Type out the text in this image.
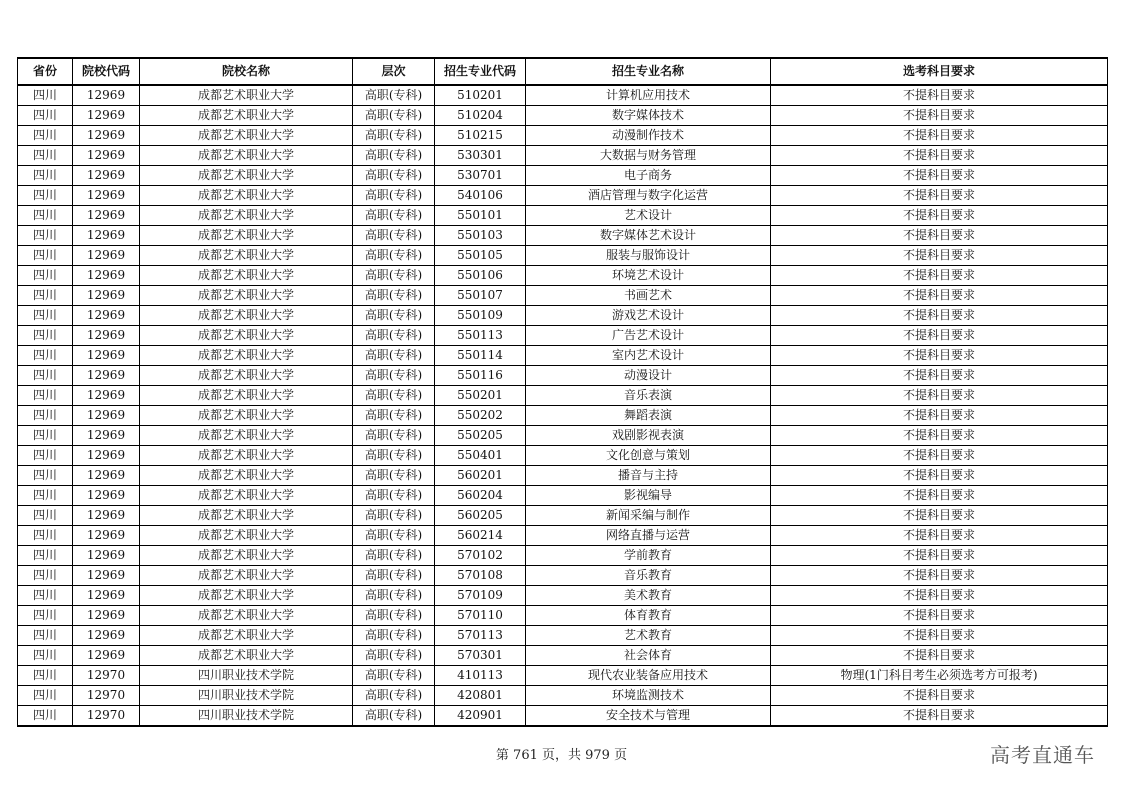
省份	院校代码	院校名称	层次	招生专业代码	招生专业名称	选考科目要求
四川	12969	成都艺术职业大学	高职(专科)	510201	计算机应用技术	不提科目要求
四川	12969	成都艺术职业大学	高职(专科)	510204	数字媒体技术	不提科目要求
四川	12969	成都艺术职业大学	高职(专科)	510215	动漫制作技术	不提科目要求
四川	12969	成都艺术职业大学	高职(专科)	530301	大数据与财务管理	不提科目要求
四川	12969	成都艺术职业大学	高职(专科)	530701	电子商务	不提科目要求
四川	12969	成都艺术职业大学	高职(专科)	540106	酒店管理与数字化运营	不提科目要求
四川	12969	成都艺术职业大学	高职(专科)	550101	艺术设计	不提科目要求
四川	12969	成都艺术职业大学	高职(专科)	550103	数字媒体艺术设计	不提科目要求
四川	12969	成都艺术职业大学	高职(专科)	550105	服装与服饰设计	不提科目要求
四川	12969	成都艺术职业大学	高职(专科)	550106	环境艺术设计	不提科目要求
四川	12969	成都艺术职业大学	高职(专科)	550107	书画艺术	不提科目要求
四川	12969	成都艺术职业大学	高职(专科)	550109	游戏艺术设计	不提科目要求
四川	12969	成都艺术职业大学	高职(专科)	550113	广告艺术设计	不提科目要求
四川	12969	成都艺术职业大学	高职(专科)	550114	室内艺术设计	不提科目要求
四川	12969	成都艺术职业大学	高职(专科)	550116	动漫设计	不提科目要求
四川	12969	成都艺术职业大学	高职(专科)	550201	音乐表演	不提科目要求
四川	12969	成都艺术职业大学	高职(专科)	550202	舞蹈表演	不提科目要求
四川	12969	成都艺术职业大学	高职(专科)	550205	戏剧影视表演	不提科目要求
四川	12969	成都艺术职业大学	高职(专科)	550401	文化创意与策划	不提科目要求
四川	12969	成都艺术职业大学	高职(专科)	560201	播音与主持	不提科目要求
四川	12969	成都艺术职业大学	高职(专科)	560204	影视编导	不提科目要求
四川	12969	成都艺术职业大学	高职(专科)	560205	新闻采编与制作	不提科目要求
四川	12969	成都艺术职业大学	高职(专科)	560214	网络直播与运营	不提科目要求
四川	12969	成都艺术职业大学	高职(专科)	570102	学前教育	不提科目要求
四川	12969	成都艺术职业大学	高职(专科)	570108	音乐教育	不提科目要求
四川	12969	成都艺术职业大学	高职(专科)	570109	美术教育	不提科目要求
四川	12969	成都艺术职业大学	高职(专科)	570110	体育教育	不提科目要求
四川	12969	成都艺术职业大学	高职(专科)	570113	艺术教育	不提科目要求
四川	12969	成都艺术职业大学	高职(专科)	570301	社会体育	不提科目要求
四川	12970	四川职业技术学院	高职(专科)	410113	现代农业装备应用技术	物理(1门科目考生必须选考方可报考)
四川	12970	四川职业技术学院	高职(专科)	420801	环境监测技术	不提科目要求
四川	12970	四川职业技术学院	高职(专科)	420901	安全技术与管理	不提科目要求
第 761 页，共 979 页	高考直通车
